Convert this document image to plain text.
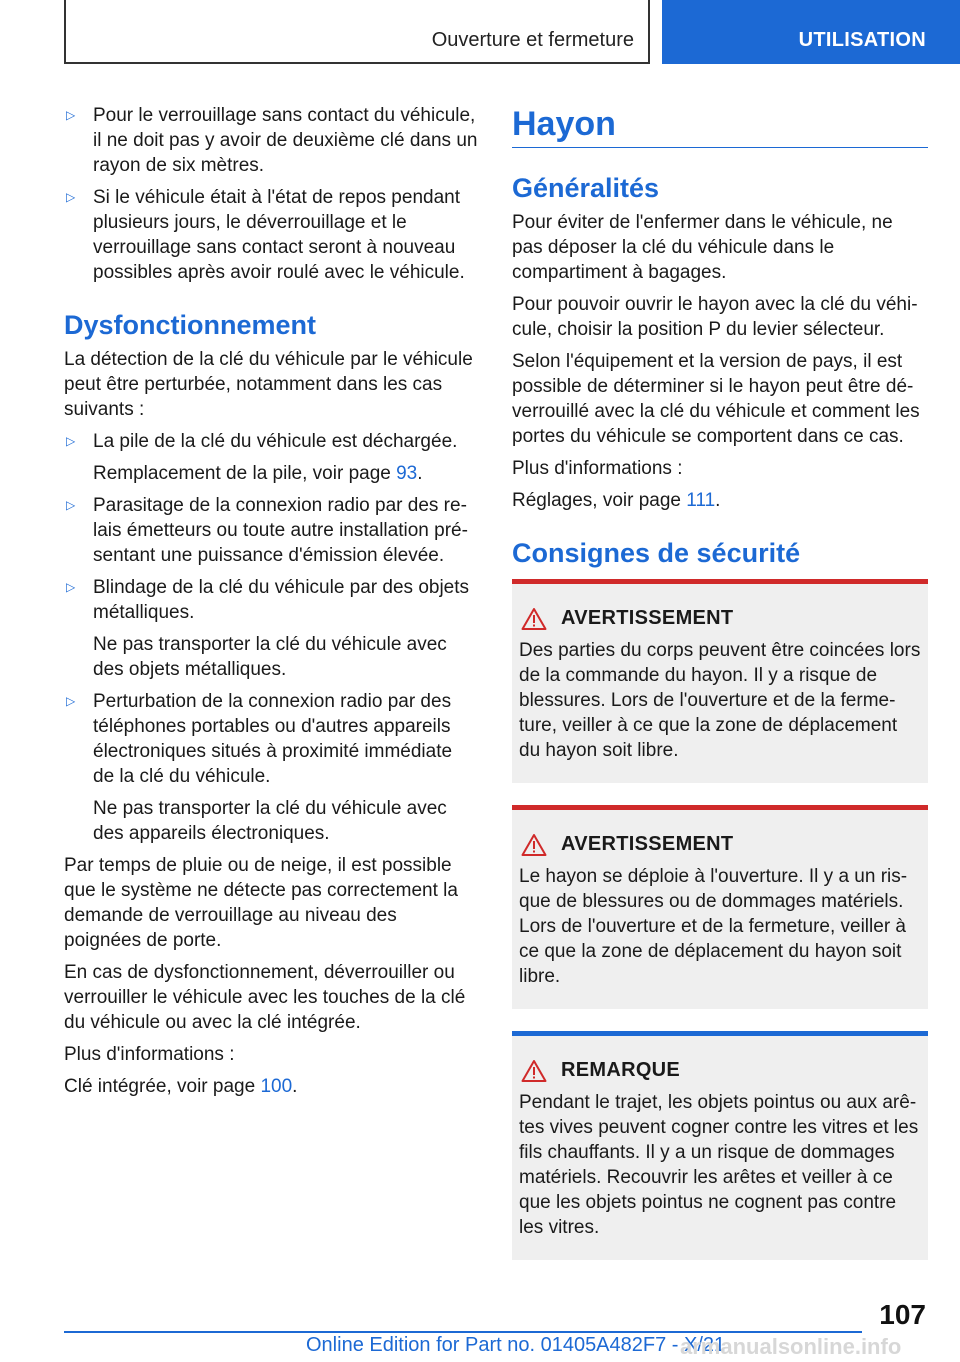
Ouverture et fermeture	UTILISATION
▷ Pour le verrouillage sans contact du véhicule, il ne doit pas y avoir de deuxième clé dans un rayon de six mètres.
▷ Si le véhicule était à l'état de repos pendant plusieurs jours, le déverrouillage et le verrouillage sans contact seront à nouveau possibles après avoir roulé avec le véhicule.
Dysfonctionnement
La détection de la clé du véhicule par le véhicule peut être perturbée, notamment dans les cas suivants :
▷ La pile de la clé du véhicule est déchargée.
Remplacement de la pile, voir page 93.
▷ Parasitage de la connexion radio par des relais émetteurs ou toute autre installation présentant une puissance d'émission élevée.
▷ Blindage de la clé du véhicule par des objets métalliques.
Ne pas transporter la clé du véhicule avec des objets métalliques.
▷ Perturbation de la connexion radio par des téléphones portables ou d'autres appareils électroniques situés à proximité immédiate de la clé du véhicule.
Ne pas transporter la clé du véhicule avec des appareils électroniques.
Par temps de pluie ou de neige, il est possible que le système ne détecte pas correctement la demande de verrouillage au niveau des poignées de porte.
En cas de dysfonctionnement, déverrouiller ou verrouiller le véhicule avec les touches de la clé du véhicule ou avec la clé intégrée.
Plus d'informations :
Clé intégrée, voir page 100.
Hayon
Généralités
Pour éviter de l'enfermer dans le véhicule, ne pas déposer la clé du véhicule dans le compartiment à bagages.
Pour pouvoir ouvrir le hayon avec la clé du véhicule, choisir la position P du levier sélecteur.
Selon l'équipement et la version de pays, il est possible de déterminer si le hayon peut être déverrouillé avec la clé du véhicule et comment les portes du véhicule se comportent dans ce cas.
Plus d'informations :
Réglages, voir page 111.
Consignes de sécurité
AVERTISSEMENT
Des parties du corps peuvent être coincées lors de la commande du hayon. Il y a risque de blessures. Lors de l'ouverture et de la fermeture, veiller à ce que la zone de déplacement du hayon soit libre.
AVERTISSEMENT
Le hayon se déploie à l'ouverture. Il y a un risque de blessures ou de dommages matériels. Lors de l'ouverture et de la fermeture, veiller à ce que la zone de déplacement du hayon soit libre.
REMARQUE
Pendant le trajet, les objets pointus ou aux arêtes vives peuvent cogner contre les vitres et les fils chauffants. Il y a un risque de dommages matériels. Recouvrir les arêtes et veiller à ce que les objets pointus ne cognent pas contre les vitres.
107
Online Edition for Part no. 01405A482F7 - X/21
armanualsonline.info
